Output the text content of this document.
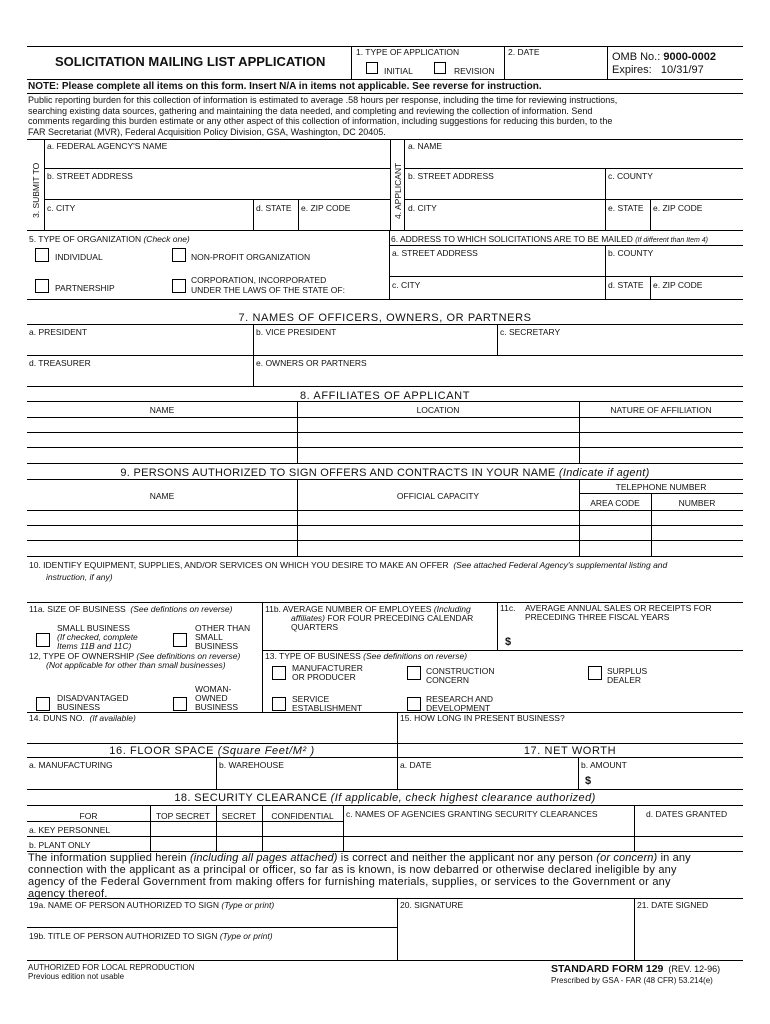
SOLICITATION MAILING LIST APPLICATION
1. TYPE OF APPLICATION
INITIAL	REVISION
2. DATE	OMB No.: 9000-0002
Expires: 10/31/97
NOTE: Please complete all items on this form. Insert N/A in items not applicable. See reverse for instruction.
Public reporting burden for this collection of information is estimated to average .58 hours per response, including the time for reviewing instructions,
searching existing data sources, gathering and maintaining the data needed, and completing and reviewing the collection of information. Send
comments regarding this burden estimate or any other aspect of this collection of information, including suggestions for reducing this burden, to the
FAR Secretariat (MVR), Federal Acquisition Policy Division, GSA, Washington, DC 20405.
3. SUBMIT TO
a. FEDERAL AGENCY'S NAME
b. STREET ADDRESS
c. CITY	d. STATE e. ZIP CODE	4. APPLICANT
a. NAME
b. STREET ADDRESS	c. COUNTY
d. CITY	e. STATE e. ZIP CODE
5. TYPE OF ORGANIZATION (Check one)
INDIVIDUAL	NON-PROFIT ORGANIZATION
PARTNERSHIP
CORPORATION, INCORPORATED
UNDER THE LAWS OF THE STATE OF:
6. ADDRESS TO WHICH SOLICITATIONS ARE TO BE MAILED (If different than Item 4)
a. STREET ADDRESS	b. COUNTY
c. CITY	d. STATE e. ZIP CODE
7. NAMES OF OFFICERS, OWNERS, OR PARTNERS
a. PRESIDENT	b. VICE PRESIDENT	c. SECRETARY
d. TREASURER	e. OWNERS OR PARTNERS
8. AFFILIATES OF APPLICANT
NAME	LOCATION	NATURE OF AFFILIATION
9. PERSONS AUTHORIZED TO SIGN OFFERS AND CONTRACTS IN YOUR NAME (Indicate if agent)
NAME	OFFICIAL CAPACITY
TELEPHONE NUMBER
AREA CODE	NUMBER
10. IDENTIFY EQUIPMENT, SUPPLIES, AND/OR SERVICES ON WHICH YOU DESIRE TO MAKE AN OFFER (See attached Federal Agency's supplemental listing and
instruction, if any)
11a. SIZE OF BUSINESS (See defintions on reverse)
SMALL BUSINESS
(If checked, complete
Items 11B and 11C)
OTHER THAN
SMALL
BUSINESS
11b. AVERAGE NUMBER OF EMPLOYEES (Including
affiliates) FOR FOUR PRECEDING CALENDAR
QUARTERS
11c. AVERAGE ANNUAL SALES OR RECEIPTS FOR
PRECEDING THREE FISCAL YEARS
$
12, TYPE OF OWNERSHIP (See definitions on reverse)
(Not applicable for other than small businesses)
DISADVANTAGED
BUSINESS
WOMAN-
OWNED
BUSINESS
13. TYPE OF BUSINESS (See definitions on reverse)
MANUFACTURER
OR PRODUCER
CONSTRUCTION
CONCERN
SURPLUS
DEALER
SERVICE
ESTABLISHMENT
RESEARCH AND
DEVELOPMENT
14. DUNS NO. (If available)	15. HOW LONG IN PRESENT BUSINESS?
16. FLOOR SPACE (Square Feet/M² )	17. NET WORTH
a. MANUFACTURING	b. WAREHOUSE	a. DATE	b. AMOUNT
$
18. SECURITY CLEARANCE (If applicable, check highest clearance authorized)
FOR	TOP SECRET	SECRET	CONFIDENTIAL	c. NAMES OF AGENCIES GRANTING SECURITY CLEARANCES	d. DATES GRANTED
a. KEY PERSONNEL
b. PLANT ONLY
The information supplied herein (including all pages attached) is correct and neither the applicant nor any person (or concern) in any
connection with the applicant as a principal or officer, so far as is known, is now debarred or otherwise declared ineligible by any
agency of the Federal Government from making offers for furnishing materials, supplies, or services to the Government or any
agency thereof.
19a. NAME OF PERSON AUTHORIZED TO SIGN (Type or print)	20. SIGNATURE	21. DATE SIGNED
19b. TITLE OF PERSON AUTHORIZED TO SIGN (Type or print)
AUTHORIZED FOR LOCAL REPRODUCTION
Previous edition not usable
STANDARD FORM 129 (REV. 12-96)
Prescribed by GSA - FAR (48 CFR) 53.214(e)
